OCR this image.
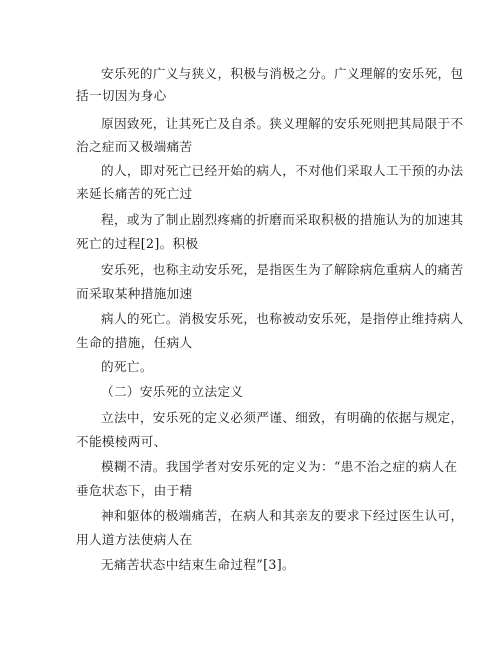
安乐死的广义与狭义，积极与消极之分。广义理解的安乐死，包
括一切因为身心
原因致死，让其死亡及自杀。狭义理解的安乐死则把其局限于不
治之症而又极端痛苦
的人，即对死亡已经开始的病人，不对他们采取人工干预的办法
来延长痛苦的死亡过
程，或为了制止剧烈疼痛的折磨而采取积极的措施认为的加速其
死亡的过程[2]。积极
安乐死，也称主动安乐死，是指医生为了解除病危重病人的痛苦
而采取某种措施加速
病人的死亡。消极安乐死，也称被动安乐死，是指停止维持病人
生命的措施，任病人
的死亡。
（二）安乐死的立法定义
立法中，安乐死的定义必须严谨、细致，有明确的依据与规定，
不能模棱两可、
模糊不清。我国学者对安乐死的定义为：“患不治之症的病人在
垂危状态下，由于精
神和躯体的极端痛苦，在病人和其亲友的要求下经过医生认可，
用人道方法使病人在
无痛苦状态中结束生命过程”[3]。
